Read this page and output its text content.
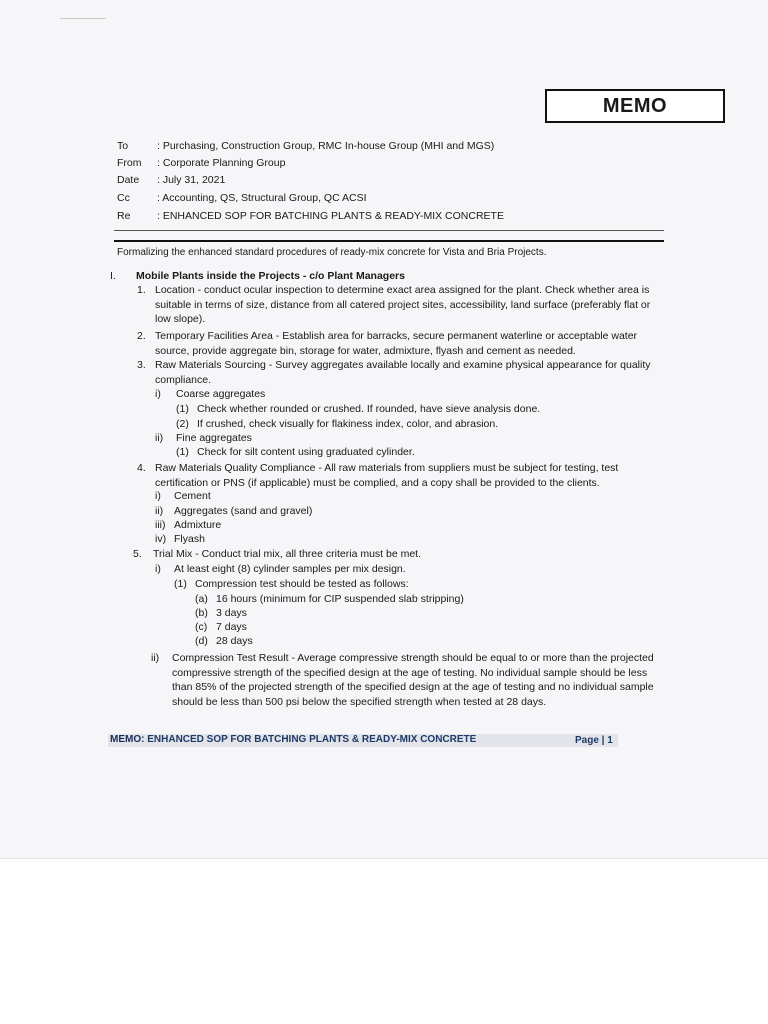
MEMO
To	: Purchasing, Construction Group, RMC In-house Group (MHI and MGS)
From : Corporate Planning Group
Date : July 31, 2021
Cc	: Accounting, QS, Structural Group, QC ACSI
Re	: ENHANCED SOP FOR BATCHING PLANTS & READY-MIX CONCRETE
Formalizing the enhanced standard procedures of ready-mix concrete for Vista and Bria Projects.
I. Mobile Plants inside the Projects - c/o Plant Managers
1. Location - conduct ocular inspection to determine exact area assigned for the plant. Check whether area is suitable in terms of size, distance from all catered project sites, accessibility, land surface (preferably flat or low slope).
2. Temporary Facilities Area - Establish area for barracks, secure permanent waterline or acceptable water source, provide aggregate bin, storage for water, admixture, flyash and cement as needed.
3. Raw Materials Sourcing - Survey aggregates available locally and examine physical appearance for quality compliance.
i) Coarse aggregates
(1) Check whether rounded or crushed. If rounded, have sieve analysis done.
(2) If crushed, check visually for flakiness index, color, and abrasion.
ii) Fine aggregates
(1) Check for silt content using graduated cylinder.
4. Raw Materials Quality Compliance - All raw materials from suppliers must be subject for testing, test certification or PNS (if applicable) must be complied, and a copy shall be provided to the clients.
i) Cement
ii) Aggregates (sand and gravel)
iii) Admixture
iv) Flyash
5. Trial Mix - Conduct trial mix, all three criteria must be met.
i) At least eight (8) cylinder samples per mix design.
(1) Compression test should be tested as follows:
(a) 16 hours (minimum for CIP suspended slab stripping)
(b) 3 days
(c) 7 days
(d) 28 days
ii) Compression Test Result - Average compressive strength should be equal to or more than the projected compressive strength of the specified design at the age of testing. No individual sample should be less than 85% of the projected strength of the specified design at the age of testing and no individual sample should be less than 500 psi below the specified strength when tested at 28 days.
MEMO: ENHANCED SOP FOR BATCHING PLANTS & READY-MIX CONCRETE	Page | 1
